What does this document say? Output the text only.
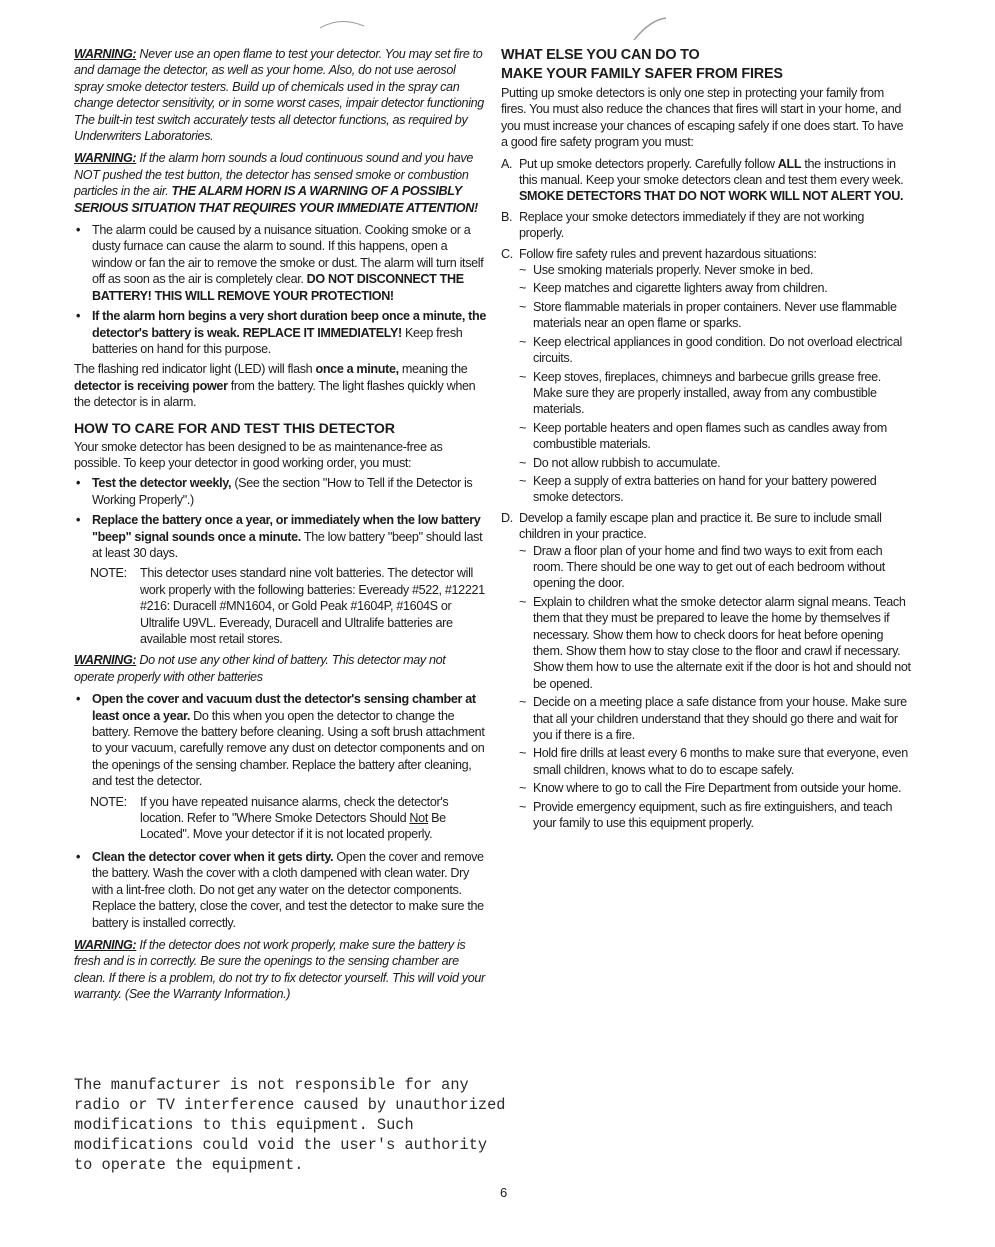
WARNING: Never use an open flame to test your detector. You may set fire to and damage the detector, as well as your home. Also, do not use aerosol spray smoke detector testers. Build up of chemicals used in the spray can change detector sensitivity, or in some worst cases, impair detector functioning The built-in test switch accurately tests all detector functions, as required by Underwriters Laboratories.

WARNING: If the alarm horn sounds a loud continuous sound and you have NOT pushed the test button, the detector has sensed smoke or combustion particles in the air. THE ALARM HORN IS A WARNING OF A POSSIBLY SERIOUS SITUATION THAT REQUIRES YOUR IMMEDIATE ATTENTION!

• The alarm could be caused by a nuisance situation. Cooking smoke or a dusty furnace can cause the alarm to sound. If this happens, open a window or fan the air to remove the smoke or dust. The alarm will turn itself off as soon as the air is completely clear. DO NOT DISCONNECT THE BATTERY! THIS WILL REMOVE YOUR PROTECTION!
• If the alarm horn begins a very short duration beep once a minute, the detector's battery is weak. REPLACE IT IMMEDIATELY! Keep fresh batteries on hand for this purpose.

The flashing red indicator light (LED) will flash once a minute, meaning the detector is receiving power from the battery. The light flashes quickly when the detector is in alarm.

HOW TO CARE FOR AND TEST THIS DETECTOR

Your smoke detector has been designed to be as maintenance-free as possible. To keep your detector in good working order, you must:

• Test the detector weekly, (See the section "How to Tell if the Detector is Working Properly".)
• Replace the battery once a year, or immediately when the low battery "beep" signal sounds once a minute. The low battery "beep" should last at least 30 days.
NOTE:	This detector uses standard nine volt batteries. The detector will work properly with the following batteries: Eveready #522, #12221 #216: Duracell #MN1604, or Gold Peak #1604P, #1604S or Ultralife U9VL. Eveready, Duracell and Ultralife batteries are available most retail stores.

WARNING: Do not use any other kind of battery. This detector may not operate properly with other batteries

• Open the cover and vacuum dust the detector's sensing chamber at least once a year. Do this when you open the detector to change the battery. Remove the battery before cleaning. Using a soft brush attachment to your vacuum, carefully remove any dust on detector components and on the openings of the sensing chamber. Replace the battery after cleaning, and test the detector.
NOTE:	If you have repeated nuisance alarms, check the detector's location. Refer to "Where Smoke Detectors Should Not Be Located". Move your detector if it is not located properly.
• Clean the detector cover when it gets dirty. Open the cover and remove the battery. Wash the cover with a cloth dampened with clean water. Dry with a lint-free cloth. Do not get any water on the detector components. Replace the battery, close the cover, and test the detector to make sure the battery is installed correctly.

WARNING: If the detector does not work properly, make sure the battery is fresh and is in correctly. Be sure the openings to the sensing chamber are clean. If there is a problem, do not try to fix detector yourself. This will void your warranty. (See the Warranty Information.)

WHAT ELSE YOU CAN DO TO
MAKE YOUR FAMILY SAFER FROM FIRES

Putting up smoke detectors is only one step in protecting your family from fires. You must also reduce the chances that fires will start in your home, and you must increase your chances of escaping safely if one does start. To have a good fire safety program you must:

A. Put up smoke detectors properly. Carefully follow ALL the instructions in this manual. Keep your smoke detectors clean and test them every week. SMOKE DETECTORS THAT DO NOT WORK WILL NOT ALERT YOU.
B. Replace your smoke detectors immediately if they are not working properly.
C. Follow fire safety rules and prevent hazardous situations:
~ Use smoking materials properly. Never smoke in bed.
~ Keep matches and cigarette lighters away from children.
~ Store flammable materials in proper containers. Never use flammable materials near an open flame or sparks.
~ Keep electrical appliances in good condition. Do not overload electrical circuits.
~ Keep stoves, fireplaces, chimneys and barbecue grills grease free. Make sure they are properly installed, away from any combustible materials.
~ Keep portable heaters and open flames such as candles away from combustible materials.
~ Do not allow rubbish to accumulate.
~ Keep a supply of extra batteries on hand for your battery powered smoke detectors.
D. Develop a family escape plan and practice it. Be sure to include small children in your practice.
~ Draw a floor plan of your home and find two ways to exit from each room. There should be one way to get out of each bedroom without opening the door.
~ Explain to children what the smoke detector alarm signal means. Teach them that they must be prepared to leave the home by themselves if necessary. Show them how to check doors for heat before opening them. Show them how to stay close to the floor and crawl if necessary. Show them how to use the alternate exit if the door is hot and should not be opened.
~ Decide on a meeting place a safe distance from your house. Make sure that all your children understand that they should go there and wait for you if there is a fire.
~ Hold fire drills at least every 6 months to make sure that everyone, even small children, knows what to do to escape safely.
~ Know where to go to call the Fire Department from outside your home.
~ Provide emergency equipment, such as fire extinguishers, and teach your family to use this equipment properly.
The manufacturer is not responsible for any
radio or TV interference caused by unauthorized
modifications to this equipment. Such
modifications could void the user's authority
to operate the equipment.
6
